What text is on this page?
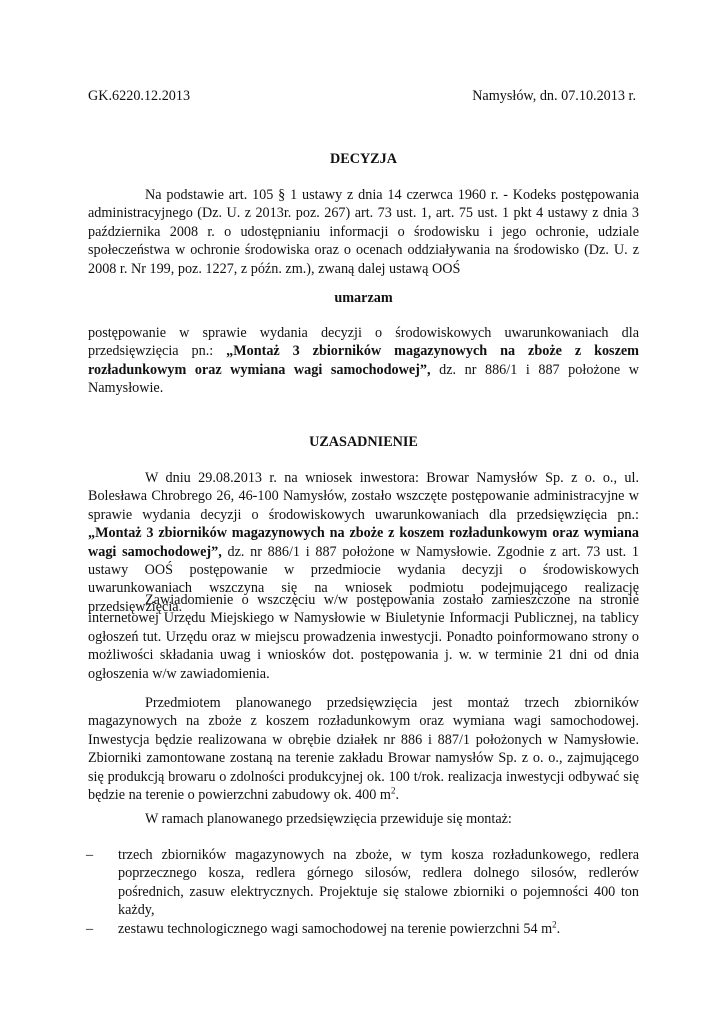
GK.6220.12.2013	Namysłów, dn. 07.10.2013 r.
DECYZJA
Na podstawie art. 105 § 1 ustawy z dnia 14 czerwca 1960 r. - Kodeks postępowania administracyjnego (Dz. U. z 2013r. poz. 267) art. 73 ust. 1, art. 75 ust. 1 pkt 4 ustawy z dnia 3 października 2008 r. o udostępnianiu informacji o środowisku i jego ochronie, udziale społeczeństwa w ochronie środowiska oraz o ocenach oddziaływania na środowisko (Dz. U. z 2008 r. Nr 199, poz. 1227, z późn. zm.), zwaną dalej ustawą OOŚ
umarzam
postępowanie w sprawie wydania decyzji o środowiskowych uwarunkowaniach dla przedsięwzięcia pn.: „Montaż 3 zbiorników magazynowych na zboże z koszem rozładunkowym oraz wymiana wagi samochodowej”, dz. nr 886/1 i 887 położone w Namysłowie.
UZASADNIENIE
W dniu 29.08.2013 r. na wniosek inwestora: Browar Namysłów Sp. z o. o., ul. Bolesława Chrobrego 26, 46-100 Namysłów, zostało wszczęte postępowanie administracyjne w sprawie wydania decyzji o środowiskowych uwarunkowaniach dla przedsięwzięcia pn.: „Montaż 3 zbiorników magazynowych na zboże z koszem rozładunkowym oraz wymiana wagi samochodowej”, dz. nr 886/1 i 887 położone w Namysłowie. Zgodnie z art. 73 ust. 1 ustawy OOŚ postępowanie w przedmiocie wydania decyzji o środowiskowych uwarunkowaniach wszczyna się na wniosek podmiotu podejmującego realizację przedsięwzięcia.
Zawiadomienie o wszczęciu w/w postępowania zostało zamieszczone na stronie internetowej Urzędu Miejskiego w Namysłowie w Biuletynie Informacji Publicznej, na tablicy ogłoszeń tut. Urzędu oraz w miejscu prowadzenia inwestycji. Ponadto poinformowano strony o możliwości składania uwag i wniosków dot. postępowania j. w. w terminie 21 dni od dnia ogłoszenia w/w zawiadomienia.
Przedmiotem planowanego przedsięwzięcia jest montaż trzech zbiorników magazynowych na zboże z koszem rozładunkowym oraz wymiana wagi samochodowej. Inwestycja będzie realizowana w obrębie działek nr 886 i 887/1 położonych w Namysłowie. Zbiorniki zamontowane zostaną na terenie zakładu Browar namysłów Sp. z o. o., zajmującego się produkcją browaru o zdolności produkcyjnej ok. 100 t/rok. realizacja inwestycji odbywać się będzie na terenie o powierzchni zabudowy ok. 400 $m^2$.
W ramach planowanego przedsięwzięcia przewiduje się montaż:
– trzech zbiorników magazynowych na zboże, w tym kosza rozładunkowego, redlera poprzecznego kosza, redlera górnego silosów, redlera dolnego silosów, redlerów pośrednich, zasuw elektrycznych. Projektuje się stalowe zbiorniki o pojemności 400 ton każdy,
– zestawu technologicznego wagi samochodowej na terenie powierzchni 54 $m^2$.
